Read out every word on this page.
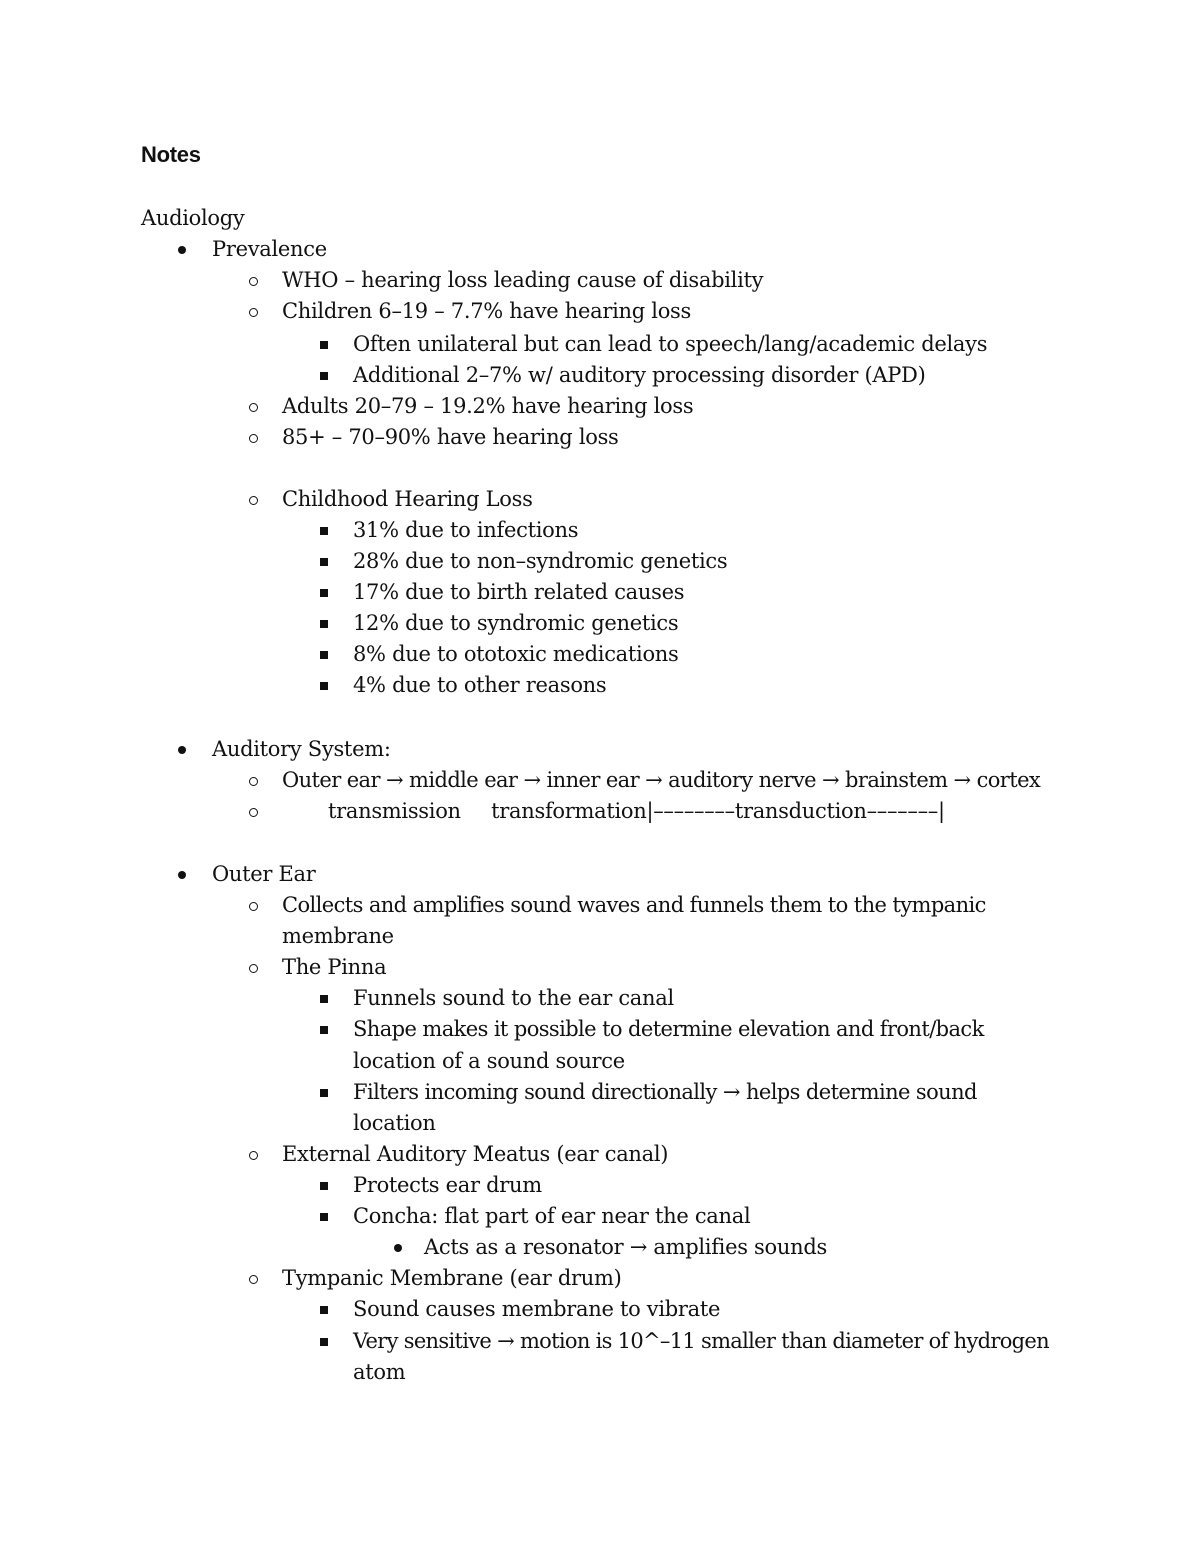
Notes
Audiology
Prevalence
WHO – hearing loss leading cause of disability
Children 6–19 – 7.7% have hearing loss
Often unilateral but can lead to speech/lang/academic delays
Additional 2–7% w/ auditory processing disorder (APD)
Adults 20–79 – 19.2% have hearing loss
85+ – 70–90% have hearing loss
Childhood Hearing Loss
31% due to infections
28% due to non–syndromic genetics
17% due to birth related causes
12% due to syndromic genetics
8% due to ototoxic medications
4% due to other reasons
Auditory System:
Outer ear → middle ear → inner ear → auditory nerve → brainstem → cortex
transmission transformation|––––––––transduction–––––––|
Outer Ear
Collects and amplifies sound waves and funnels them to the tympanic
membrane
The Pinna
Funnels sound to the ear canal
Shape makes it possible to determine elevation and front/back
location of a sound source
Filters incoming sound directionally → helps determine sound
location
External Auditory Meatus (ear canal)
Protects ear drum
Concha: flat part of ear near the canal
Acts as a resonator → amplifies sounds
Tympanic Membrane (ear drum)
Sound causes membrane to vibrate
Very sensitive → motion is 10^–11 smaller than diameter of hydrogen
atom
